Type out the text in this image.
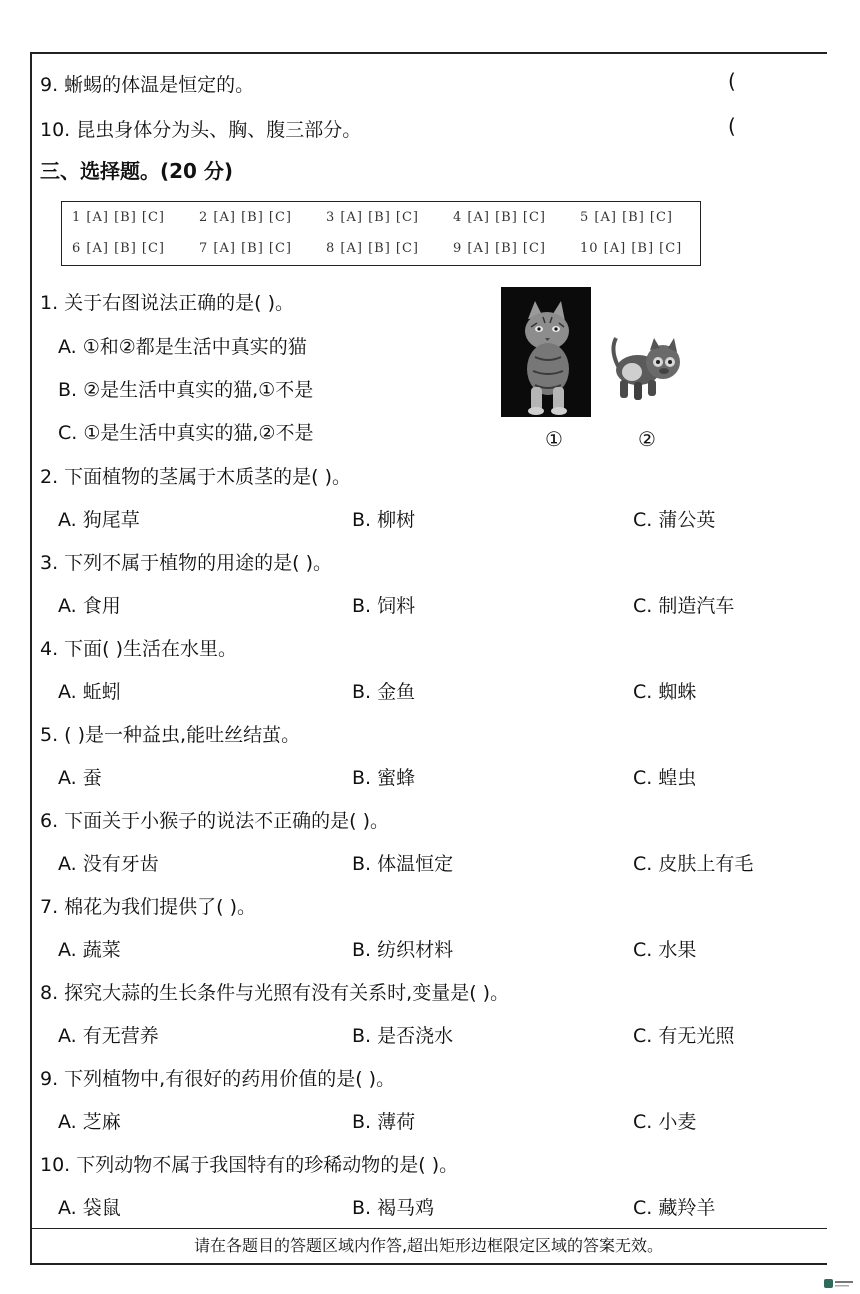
9. 蜥蜴的体温是恒定的。	(
10. 昆虫身体分为头、胸、腹三部分。	(
三、选择题。(20 分)
1 [A] [B] [C]	2 [A] [B] [C]	3 [A] [B] [C]	4 [A] [B] [C]	5 [A] [B] [C]
6 [A] [B] [C]	7 [A] [B] [C]	8 [A] [B] [C]	9 [A] [B] [C]	10 [A] [B] [C]
1. 关于右图说法正确的是( )。
A. ①和②都是生活中真实的猫
B. ②是生活中真实的猫,①不是
C. ①是生活中真实的猫,②不是	①	②
2. 下面植物的茎属于木质茎的是( )。
A. 狗尾草	B. 柳树	C. 蒲公英
3. 下列不属于植物的用途的是( )。
A. 食用	B. 饲料	C. 制造汽车
4. 下面( )生活在水里。
A. 蚯蚓	B. 金鱼	C. 蜘蛛
5. ( )是一种益虫,能吐丝结茧。
A. 蚕	B. 蜜蜂	C. 蝗虫
6. 下面关于小猴子的说法不正确的是( )。
A. 没有牙齿	B. 体温恒定	C. 皮肤上有毛
7. 棉花为我们提供了( )。
A. 蔬菜	B. 纺织材料	C. 水果
8. 探究大蒜的生长条件与光照有没有关系时,变量是( )。
A. 有无营养	B. 是否浇水	C. 有无光照
9. 下列植物中,有很好的药用价值的是( )。
A. 芝麻	B. 薄荷	C. 小麦
10. 下列动物不属于我国特有的珍稀动物的是( )。
A. 袋鼠	B. 褐马鸡	C. 藏羚羊
请在各题目的答题区域内作答,超出矩形边框限定区域的答案无效。
